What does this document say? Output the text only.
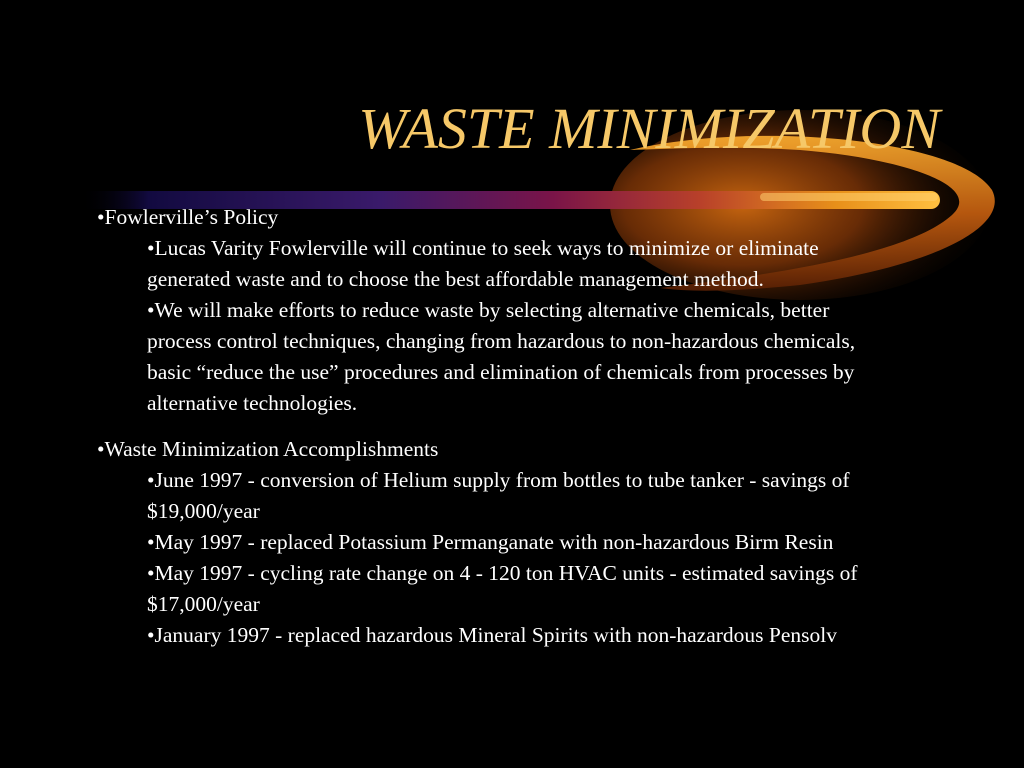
WASTE MINIMIZATION

•Fowlerville’s Policy

•Lucas Varity Fowlerville will continue to seek ways to minimize or eliminate generated waste and to choose the best affordable management method.

•We will make efforts to reduce waste by selecting alternative chemicals, better process control techniques, changing from hazardous to non-hazardous chemicals, basic “reduce the use” procedures and elimination of chemicals from processes by alternative technologies.

•Waste Minimization Accomplishments

•June 1997 - conversion of Helium supply from bottles to tube tanker - savings of $19,000/year

•May 1997 - replaced Potassium Permanganate with non-hazardous Birm Resin

•May 1997 - cycling rate change on 4 - 120 ton HVAC units - estimated savings of $17,000/year

•January 1997 - replaced hazardous Mineral Spirits with non-hazardous Pensolv
